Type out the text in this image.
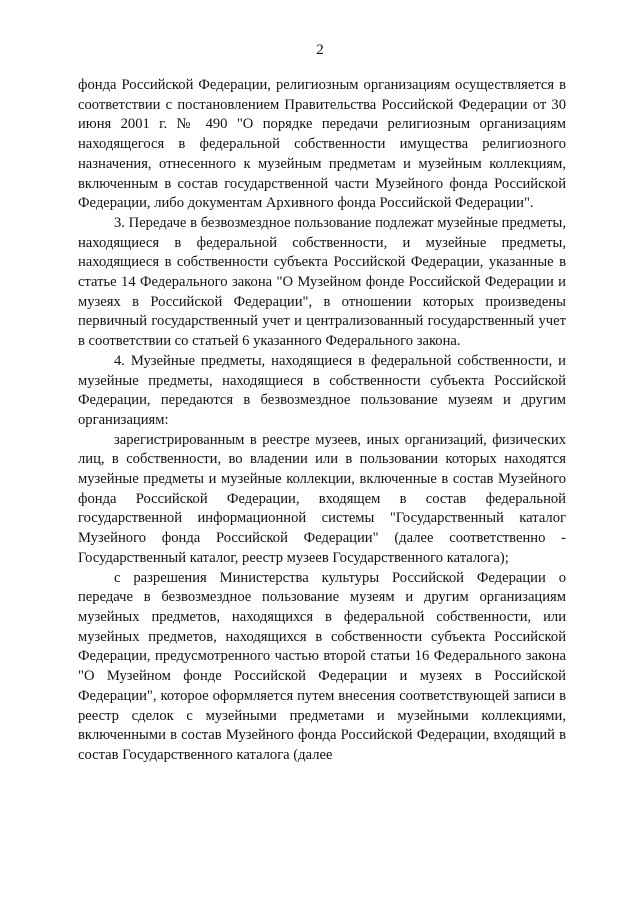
2

фонда Российской Федерации, религиозным организациям осуществляется в соответствии с постановлением Правительства Российской Федерации от 30 июня 2001 г. № 490 "О порядке передачи религиозным организациям находящегося в федеральной собственности имущества религиозного назначения, отнесенного к музейным предметам и музейным коллекциям, включенным в состав государственной части Музейного фонда Российской Федерации, либо документам Архивного фонда Российской Федерации".

3. Передаче в безвозмездное пользование подлежат музейные предметы, находящиеся в федеральной собственности, и музейные предметы, находящиеся в собственности субъекта Российской Федерации, указанные в статье 14 Федерального закона "О Музейном фонде Российской Федерации и музеях в Российской Федерации", в отношении которых произведены первичный государственный учет и централизованный государственный учет в соответствии со статьей 6 указанного Федерального закона.

4. Музейные предметы, находящиеся в федеральной собственности, и музейные предметы, находящиеся в собственности субъекта Российской Федерации, передаются в безвозмездное пользование музеям и другим организациям:

зарегистрированным в реестре музеев, иных организаций, физических лиц, в собственности, во владении или в пользовании которых находятся музейные предметы и музейные коллекции, включенные в состав Музейного фонда Российской Федерации, входящем в состав федеральной государственной информационной системы "Государственный каталог Музейного фонда Российской Федерации" (далее соответственно - Государственный каталог, реестр музеев Государственного каталога);

с разрешения Министерства культуры Российской Федерации о передаче в безвозмездное пользование музеям и другим организациям музейных предметов, находящихся в федеральной собственности, или музейных предметов, находящихся в собственности субъекта Российской Федерации, предусмотренного частью второй статьи 16 Федерального закона "О Музейном фонде Российской Федерации и музеях в Российской Федерации", которое оформляется путем внесения соответствующей записи в реестр сделок с музейными предметами и музейными коллекциями, включенными в состав Музейного фонда Российской Федерации, входящий в состав Государственного каталога (далее
